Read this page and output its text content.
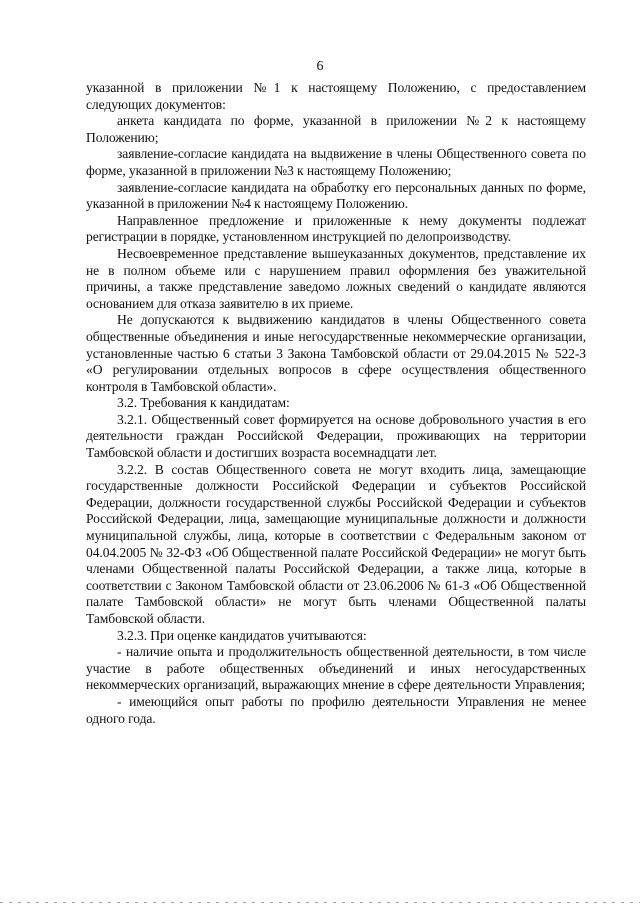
6

указанной в приложении №1 к настоящему Положению, с предоставлением следующих документов:

анкета кандидата по форме, указанной в приложении №2 к настоящему Положению;

заявление-согласие кандидата на выдвижение в члены Общественного совета по форме, указанной в приложении №3 к настоящему Положению;

заявление-согласие кандидата на обработку его персональных данных по форме, указанной в приложении №4 к настоящему Положению.

Направленное предложение и приложенные к нему документы подлежат регистрации в порядке, установленном инструкцией по делопроизводству.

Несвоевременное представление вышеуказанных документов, представление их не в полном объеме или с нарушением правил оформления без уважительной причины, а также представление заведомо ложных сведений о кандидате являются основанием для отказа заявителю в их приеме.

Не допускаются к выдвижению кандидатов в члены Общественного совета общественные объединения и иные негосударственные некоммерческие организации, установленные частью 6 статьи 3 Закона Тамбовской области от 29.04.2015 № 522-З «О регулировании отдельных вопросов в сфере осуществления общественного контроля в Тамбовской области».

3.2. Требования к кандидатам:

3.2.1. Общественный совет формируется на основе добровольного участия в его деятельности граждан Российской Федерации, проживающих на территории Тамбовской области и достигших возраста восемнадцати лет.

3.2.2. В состав Общественного совета не могут входить лица, замещающие государственные должности Российской Федерации и субъектов Российской Федерации, должности государственной службы Российской Федерации и субъектов Российской Федерации, лица, замещающие муниципальные должности и должности муниципальной службы, лица, которые в соответствии с Федеральным законом от 04.04.2005 № 32-ФЗ «Об Общественной палате Российской Федерации» не могут быть членами Общественной палаты Российской Федерации, а также лица, которые в соответствии с Законом Тамбовской области от 23.06.2006 № 61-З «Об Общественной палате Тамбовской области» не могут быть членами Общественной палаты Тамбовской области.

3.2.3. При оценке кандидатов учитываются:

- наличие опыта и продолжительность общественной деятельности, в том числе участие в работе общественных объединений и иных негосударственных некоммерческих организаций, выражающих мнение в сфере деятельности Управления;

- имеющийся опыт работы по профилю деятельности Управления не менее одного года.
